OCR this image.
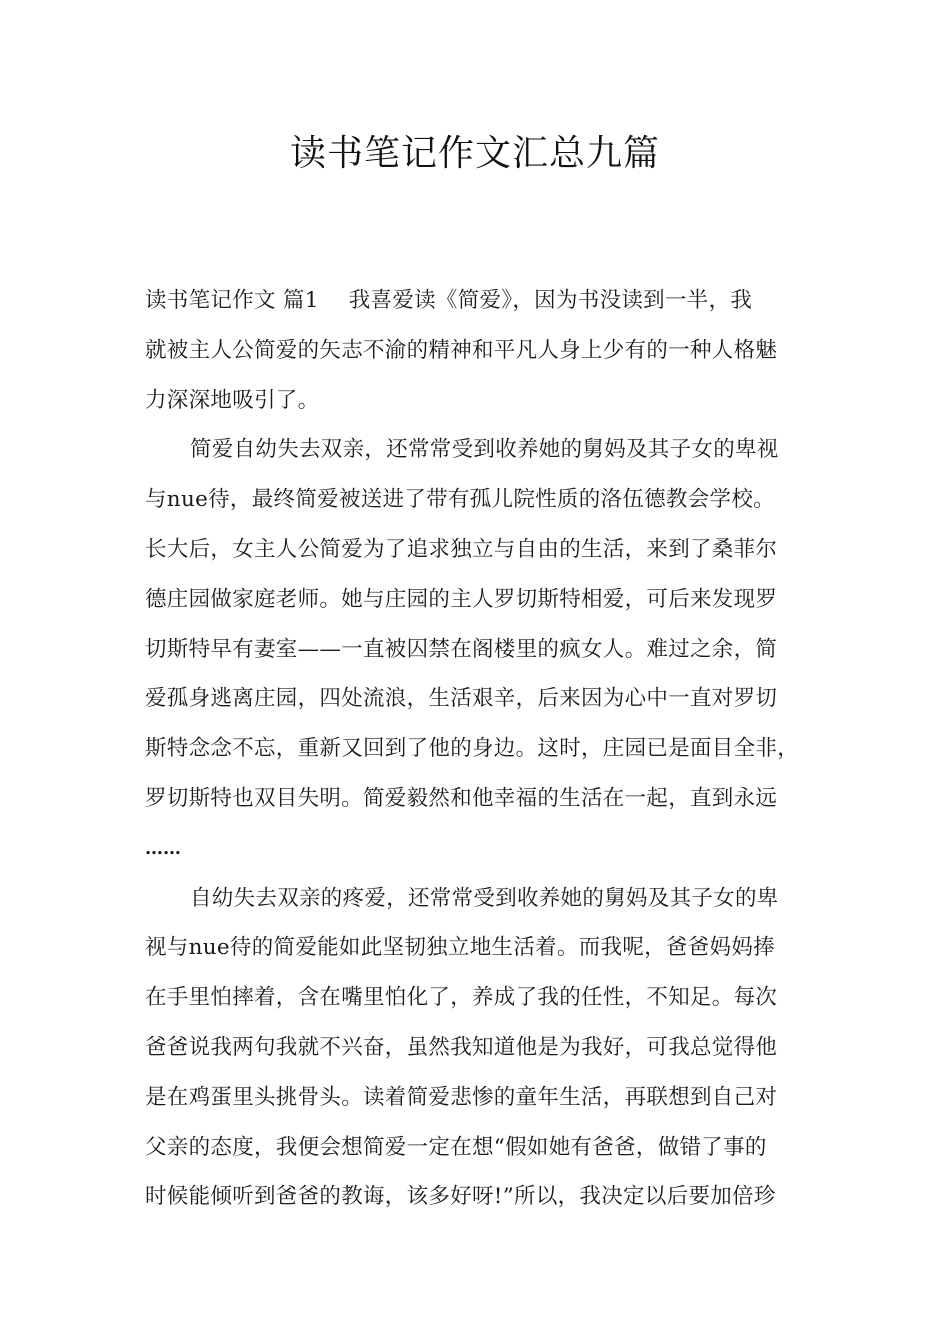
读书笔记作文汇总九篇
读书笔记作文 篇1 我喜爱读《简爱》，因为书没读到一半，我
就被主人公简爱的矢志不渝的精神和平凡人身上少有的一种人格魅
力深深地吸引了。
简爱自幼失去双亲，还常常受到收养她的舅妈及其子女的卑视
与nue待，最终简爱被送进了带有孤儿院性质的洛伍德教会学校。
长大后，女主人公简爱为了追求独立与自由的生活，来到了桑菲尔
德庄园做家庭老师。她与庄园的主人罗切斯特相爱，可后来发现罗
切斯特早有妻室——一直被囚禁在阁楼里的疯女人。难过之余，简
爱孤身逃离庄园，四处流浪，生活艰辛，后来因为心中一直对罗切
斯特念念不忘，重新又回到了他的身边。这时，庄园已是面目全非，
罗切斯特也双目失明。简爱毅然和他幸福的生活在一起，直到永远
……
自幼失去双亲的疼爱，还常常受到收养她的舅妈及其子女的卑
视与nue待的简爱能如此坚韧独立地生活着。而我呢，爸爸妈妈捧
在手里怕摔着，含在嘴里怕化了，养成了我的任性，不知足。每次
爸爸说我两句我就不兴奋，虽然我知道他是为我好，可我总觉得他
是在鸡蛋里头挑骨头。读着简爱悲惨的童年生活，再联想到自己对
父亲的态度，我便会想简爱一定在想“假如她有爸爸，做错了事的
时候能倾听到爸爸的教诲，该多好呀!”所以，我决定以后要加倍珍
